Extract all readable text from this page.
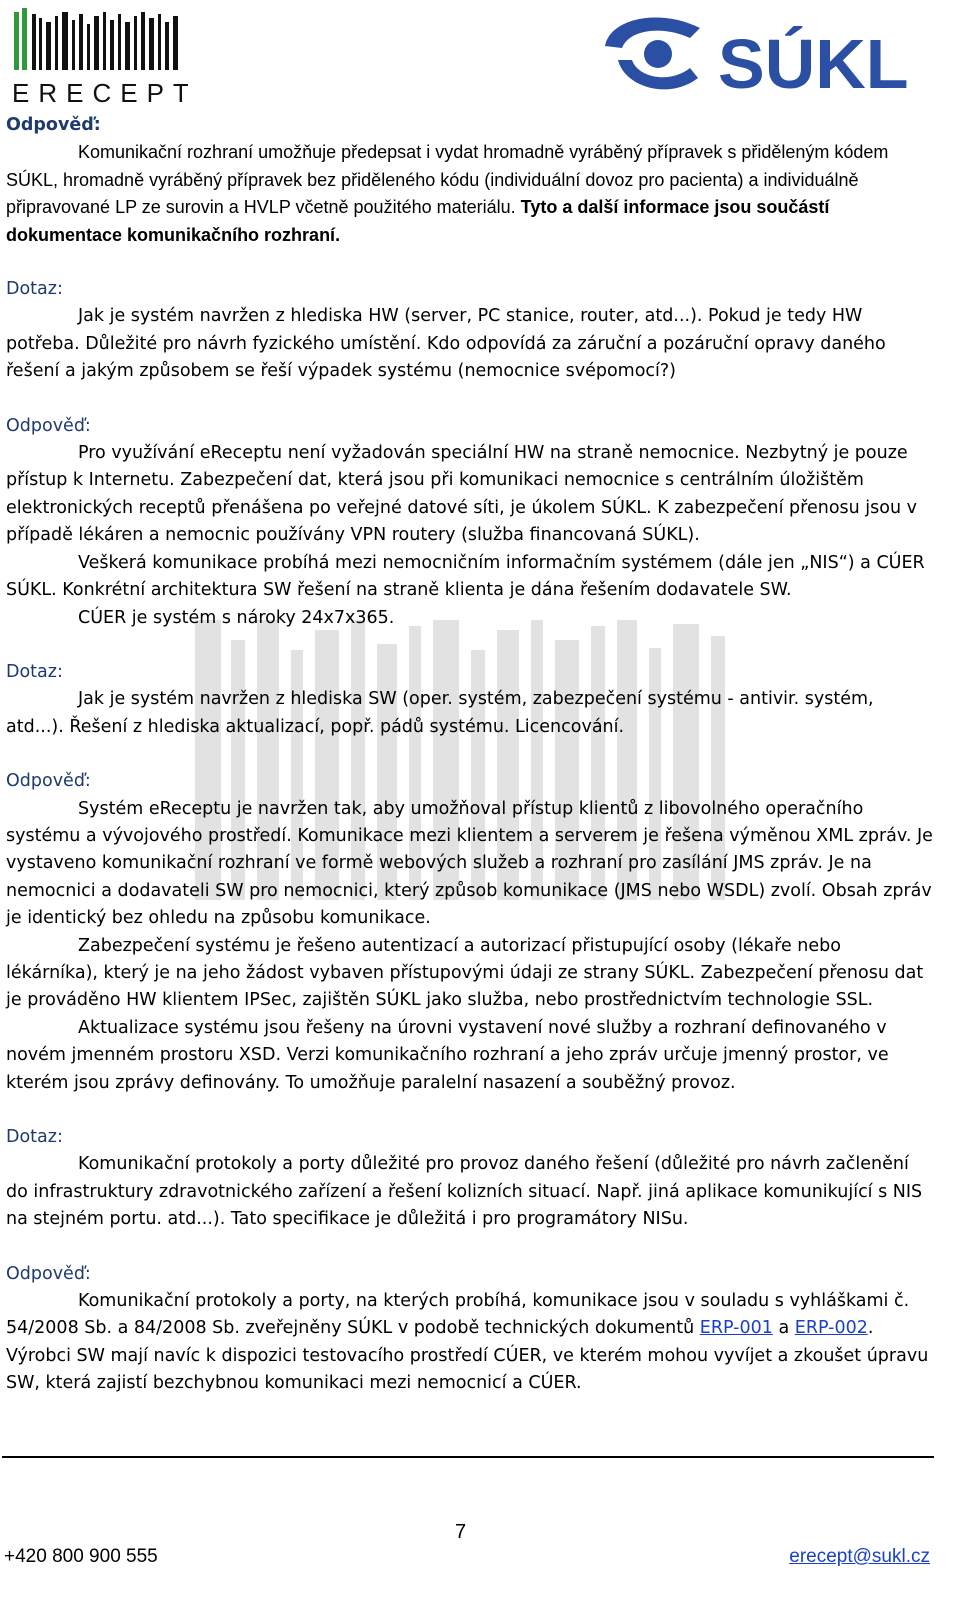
ERECEPT	SÚKL

Odpověď:

Komunikační rozhraní umožňuje předepsat i vydat hromadně vyráběný přípravek s přiděleným kódem SÚKL, hromadně vyráběný přípravek bez přiděleného kódu (individuální dovoz pro pacienta) a individuálně připravované LP ze surovin a HVLP včetně použitého materiálu. Tyto a další informace jsou součástí dokumentace komunikačního rozhraní.

Dotaz:

Jak je systém navržen z hlediska HW (server, PC stanice, router, atd...). Pokud je tedy HW potřeba. Důležité pro návrh fyzického umístění. Kdo odpovídá za záruční a pozáruční opravy daného řešení a jakým způsobem se řeší výpadek systému (nemocnice svépomocí?)

Odpověď:

Pro využívání eReceptu není vyžadován speciální HW na straně nemocnice. Nezbytný je pouze přístup k Internetu. Zabezpečení dat, která jsou při komunikaci nemocnice s centrálním úložištěm elektronických receptů přenášena po veřejné datové síti, je úkolem SÚKL. K zabezpečení přenosu jsou v případě lékáren a nemocnic používány VPN routery (služba financovaná SÚKL).

Veškerá komunikace probíhá mezi nemocničním informačním systémem (dále jen „NIS“) a CÚER SÚKL. Konkrétní architektura SW řešení na straně klienta je dána řešením dodavatele SW.

CÚER je systém s nároky 24x7x365.

Dotaz:

Jak je systém navržen z hlediska SW (oper. systém, zabezpečení systému - antivir. systém, atd...). Řešení z hlediska aktualizací, popř. pádů systému. Licencování.

Odpověď:

Systém eReceptu je navržen tak, aby umožňoval přístup klientů z libovolného operačního systému a vývojového prostředí. Komunikace mezi klientem a serverem je řešena výměnou XML zpráv. Je vystaveno komunikační rozhraní ve formě webových služeb a rozhraní pro zasílání JMS zpráv. Je na nemocnici a dodavateli SW pro nemocnici, který způsob komunikace (JMS nebo WSDL) zvolí. Obsah zpráv je identický bez ohledu na způsobu komunikace.

Zabezpečení systému je řešeno autentizací a autorizací přistupující osoby (lékaře nebo lékárníka), který je na jeho žádost vybaven přístupovými údaji ze strany SÚKL. Zabezpečení přenosu dat je prováděno HW klientem IPSec, zajištěn SÚKL jako služba, nebo prostřednictvím technologie SSL.

Aktualizace systému jsou řešeny na úrovni vystavení nové služby a rozhraní definovaného v novém jmenném prostoru XSD. Verzi komunikačního rozhraní a jeho zpráv určuje jmenný prostor, ve kterém jsou zprávy definovány. To umožňuje paralelní nasazení a souběžný provoz.

Dotaz:

Komunikační protokoly a porty důležité pro provoz daného řešení (důležité pro návrh začlenění do infrastruktury zdravotnického zařízení a řešení kolizních situací. Např. jiná aplikace komunikující s NIS na stejném portu. atd...). Tato specifikace je důležitá i pro programátory NISu.

Odpověď:

Komunikační protokoly a porty, na kterých probíhá, komunikace jsou v souladu s vyhláškami č. 54/2008 Sb. a 84/2008 Sb. zveřejněny SÚKL v podobě technických dokumentů ERP-001 a ERP-002. Výrobci SW mají navíc k dispozici testovacího prostředí CÚER, ve kterém mohou vyvíjet a zkoušet úpravu SW, která zajistí bezchybnou komunikaci mezi nemocnicí a CÚER.

7
+420 800 900 555	erecept@sukl.cz
